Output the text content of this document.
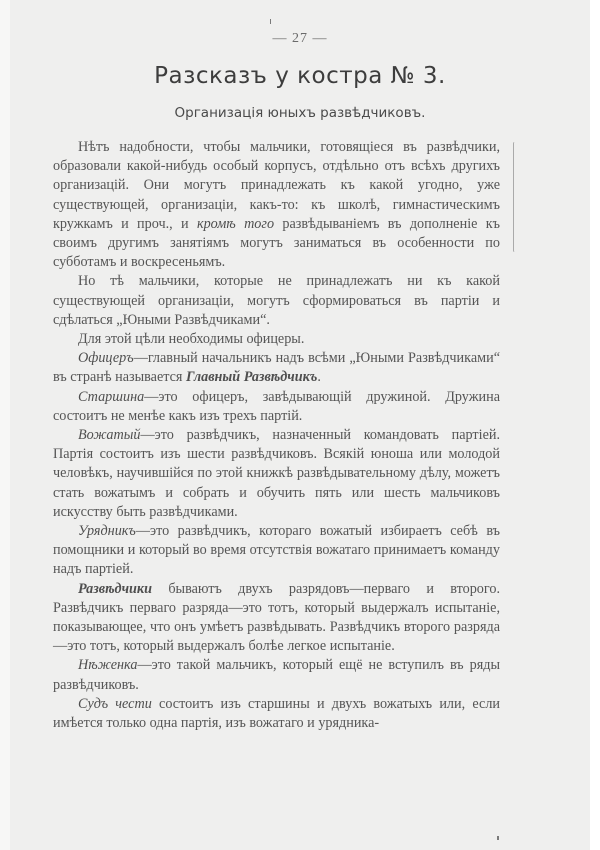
— 27 —
Разсказъ у костра № 3.
Организація юныхъ развѣдчиковъ.

Нѣтъ надобности, чтобы мальчики, готовящіеся въ развѣдчики, образовали какой-нибудь особый корпусъ, отдѣльно отъ всѣхъ другихъ организацій. Они могутъ принадлежать къ какой угодно, уже существующей, организаціи, какъ-то: къ школѣ, гимнастическимъ кружкамъ и проч., и кромѣ того развѣдываніемъ въ дополненіе къ своимъ другимъ занятіямъ могутъ заниматься въ особенности по субботамъ и воскресеньямъ.

Но тѣ мальчики, которые не принадлежатъ ни къ какой существующей организаціи, могутъ сформироваться въ партіи и сдѣлаться „Юными Развѣдчиками“.

Для этой цѣли необходимы офицеры.

Офицеръ—главный начальникъ надъ всѣми „Юными Развѣдчиками“ въ странѣ называется Главный Развѣдчикъ.

Старшина—это офицеръ, завѣдывающій дружиной. Дружина состоитъ не менѣе какъ изъ трехъ партій.

Вожатый—это развѣдчикъ, назначенный командовать партіей. Партія состоитъ изъ шести развѣдчиковъ. Всякій юноша или молодой человѣкъ, научившійся по этой книжкѣ развѣдывательному дѣлу, можетъ стать вожатымъ и собрать и обучить пять или шесть мальчиковъ искусству быть развѣдчиками.

Урядникъ—это развѣдчикъ, котораго вожатый избираетъ себѣ въ помощники и который во время отсутствія вожатаго принимаетъ команду надъ партіей.

Развѣдчики бываютъ двухъ разрядовъ—перваго и второго. Развѣдчикъ перваго разряда—это тотъ, который выдержалъ испытаніе, показывающее, что онъ умѣетъ развѣдывать. Развѣдчикъ второго разряда—это тотъ, который выдержалъ болѣе легкое испытаніе.

Нѣженка—это такой мальчикъ, который ещё не вступилъ въ ряды развѣдчиковъ.

Судъ чести состоитъ изъ старшины и двухъ вожатыхъ или, если имѣется только одна партія, изъ вожатаго и урядника-
